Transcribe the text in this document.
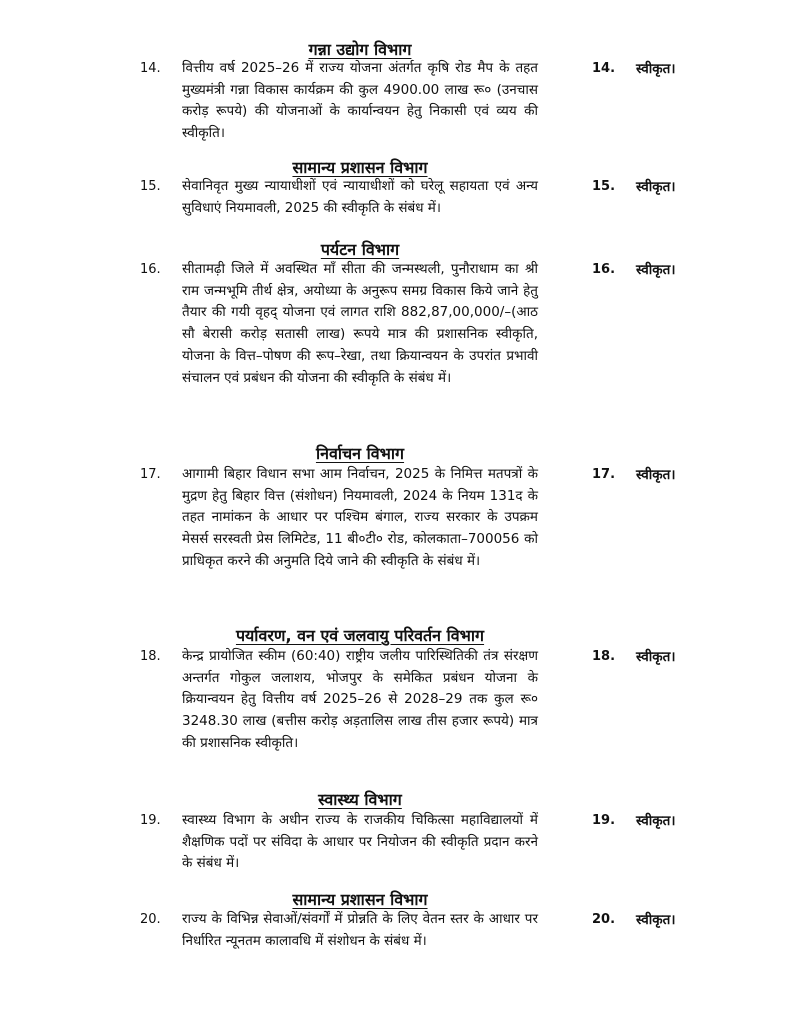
गन्ना उद्योग विभाग
14. वित्तीय वर्ष 2025–26 में राज्य योजना अंतर्गत कृषि रोड मैप के तहत मुख्यमंत्री गन्ना विकास कार्यक्रम की कुल 4900.00 लाख रू० (उनचास करोड़ रूपये) की योजनाओं के कार्यान्वयन हेतु निकासी एवं व्यय की स्वीकृति।
14. स्वीकृत।
सामान्य प्रशासन विभाग
15. सेवानिवृत मुख्य न्यायाधीशों एवं न्यायाधीशों को घरेलू सहायता एवं अन्य सुविधाएं नियमावली, 2025 की स्वीकृति के संबंध में।
15. स्वीकृत।
पर्यटन विभाग
16. सीतामढ़ी जिले में अवस्थित माँ सीता की जन्मस्थली, पुनौराधाम का श्री राम जन्मभूमि तीर्थ क्षेत्र, अयोध्या के अनुरूप समग्र विकास किये जाने हेतु तैयार की गयी वृहद् योजना एवं लागत राशि 882,87,00,000/–(आठ सौ बेरासी करोड़ सतासी लाख) रूपये मात्र की प्रशासनिक स्वीकृति, योजना के वित्त–पोषण की रूप–रेखा, तथा क्रियान्वयन के उपरांत प्रभावी संचालन एवं प्रबंधन की योजना की स्वीकृति के संबंध में।
16. स्वीकृत।
निर्वाचन विभाग
17. आगामी बिहार विधान सभा आम निर्वाचन, 2025 के निमित्त मतपत्रों के मुद्रण हेतु बिहार वित्त (संशोधन) नियमावली, 2024 के नियम 131द के तहत नामांकन के आधार पर पश्चिम बंगाल, राज्य सरकार के उपक्रम मेसर्स सरस्वती प्रेस लिमिटेड, 11 बी०टी० रोड, कोलकाता–700056 को प्राधिकृत करने की अनुमति दिये जाने की स्वीकृति के संबंध में।
17. स्वीकृत।
पर्यावरण, वन एवं जलवायु परिवर्तन विभाग
18. केन्द्र प्रायोजित स्कीम (60:40) राष्ट्रीय जलीय पारिस्थितिकी तंत्र संरक्षण अन्तर्गत गोकुल जलाशय, भोजपुर के समेकित प्रबंधन योजना के क्रियान्वयन हेतु वित्तीय वर्ष 2025–26 से 2028–29 तक कुल रू० 3248.30 लाख (बत्तीस करोड़ अड़तालिस लाख तीस हजार रूपये) मात्र की प्रशासनिक स्वीकृति।
18. स्वीकृत।
स्वास्थ्य विभाग
19. स्वास्थ्य विभाग के अधीन राज्य के राजकीय चिकित्सा महाविद्यालयों में शैक्षणिक पदों पर संविदा के आधार पर नियोजन की स्वीकृति प्रदान करने के संबंध में।
19. स्वीकृत।
सामान्य प्रशासन विभाग
20. राज्य के विभिन्न सेवाओं/संवर्गों में प्रोन्नति के लिए वेतन स्तर के आधार पर निर्धारित न्यूनतम कालावधि में संशोधन के संबंध में।
20. स्वीकृत।
